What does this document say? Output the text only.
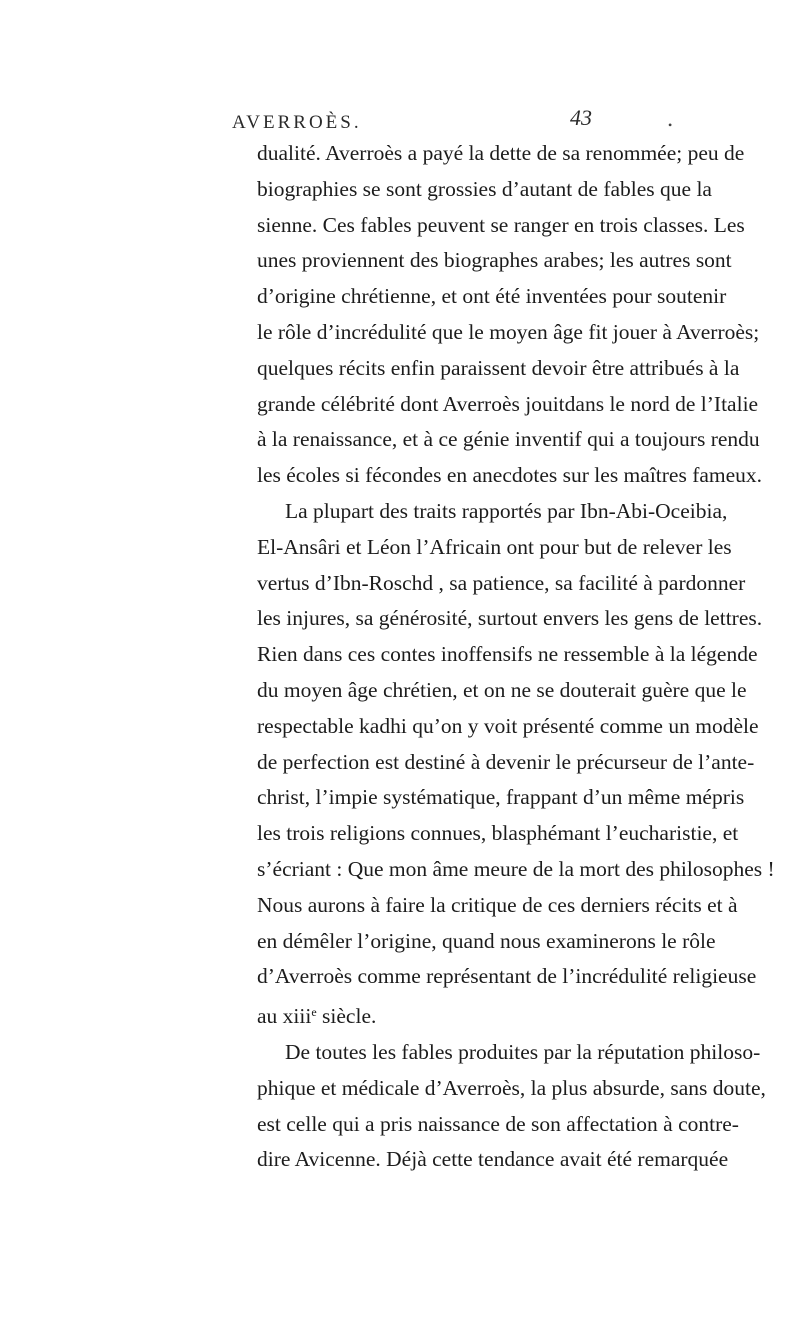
AVERROÈS.	43	•
dualité. Averroès a payé la dette de sa renommée; peu de
biographies se sont grossies d’autant de fables que la
sienne. Ces fables peuvent se ranger en trois classes. Les
unes proviennent des biographes arabes; les autres sont
d’origine chrétienne, et ont été inventées pour soutenir
le rôle d’incrédulité que le moyen âge fit jouer à Averroès;
quelques récits enfin paraissent devoir être attribués à la
grande célébrité dont Averroès jouitdans le nord de l’Italie
à la renaissance, et à ce génie inventif qui a toujours rendu
les écoles si fécondes en anecdotes sur les maîtres fameux.
La plupart des traits rapportés par Ibn-Abi-Oceibia,
El-Ansâri et Léon l’Africain ont pour but de relever les
vertus d’Ibn-Roschd , sa patience, sa facilité à pardonner
les injures, sa générosité, surtout envers les gens de lettres.
Rien dans ces contes inoffensifs ne ressemble à la légende
du moyen âge chrétien, et on ne se douterait guère que le
respectable kadhi qu’on y voit présenté comme un modèle
de perfection est destiné à devenir le précurseur de l’ante-
christ, l’impie systématique, frappant d’un même mépris
les trois religions connues, blasphémant l’eucharistie, et
s’écriant : Que mon âme meure de la mort des philosophes !
Nous aurons à faire la critique de ces derniers récits et à
en démêler l’origine, quand nous examinerons le rôle
d’Averroès comme représentant de l’incrédulité religieuse
au xiii$^e$ siècle.
De toutes les fables produites par la réputation philoso-
phique et médicale d’Averroès, la plus absurde, sans doute,
est celle qui a pris naissance de son affectation à contre-
dire Avicenne. Déjà cette tendance avait été remarquée
